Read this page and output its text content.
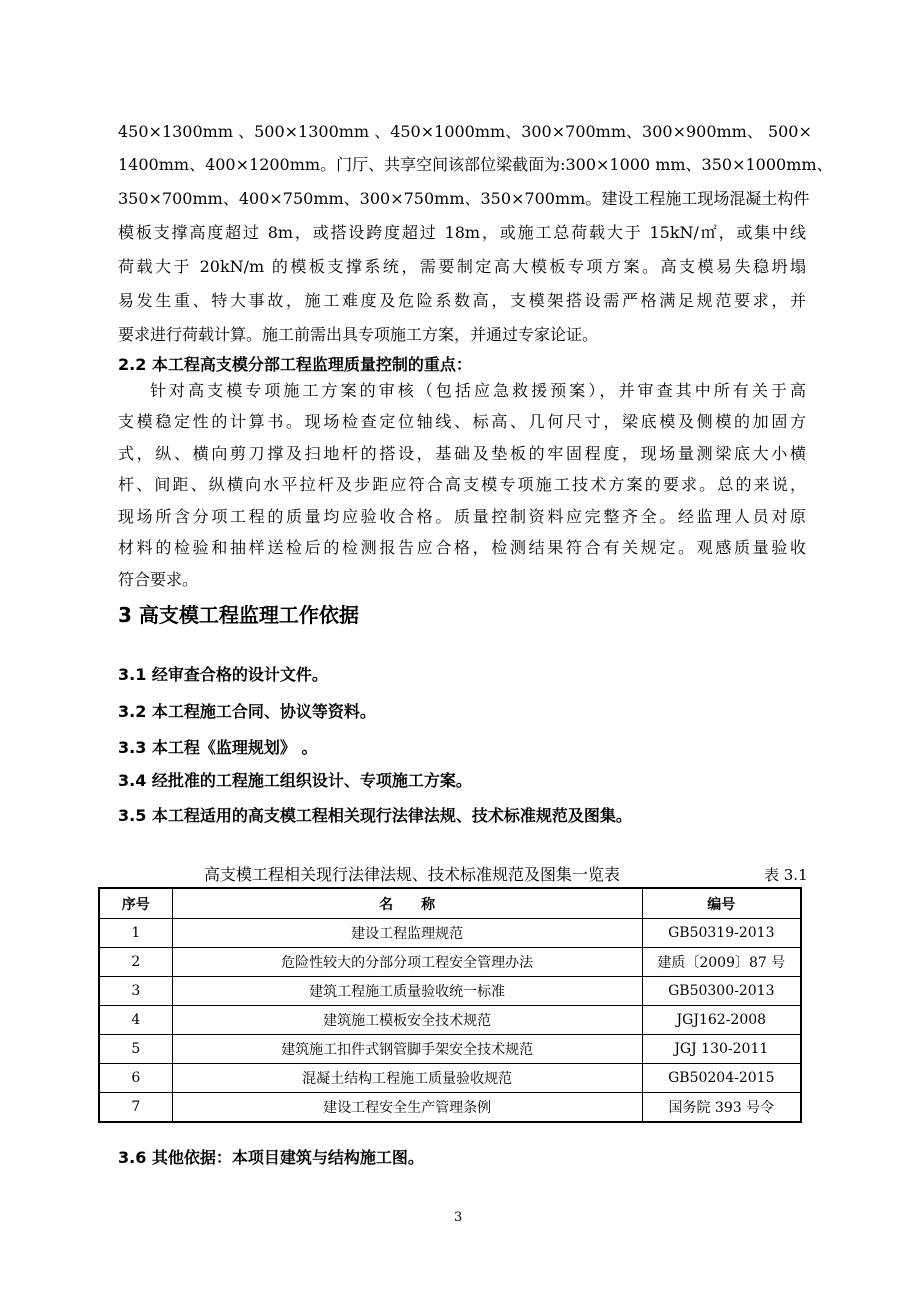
450×1300mm 、500×1300mm 、450×1000mm、300×700mm、300×900mm、 500×
1400mm、400×1200mm。门厅、共享空间该部位梁截面为:300×1000 mm、350×1000mm、
350×700mm、400×750mm、300×750mm、350×700mm。建设工程施工现场混凝土构件
模板支撑高度超过 8m，或搭设跨度超过 18m，或施工总荷载大于 15kN/㎡，或集中线
荷载大于 20kN/m 的模板支撑系统，需要制定高大模板专项方案。高支模易失稳坍塌
易发生重、特大事故，施工难度及危险系数高，支模架搭设需严格满足规范要求，并
要求进行荷载计算。施工前需出具专项施工方案，并通过专家论证。
2.2 本工程高支模分部工程监理质量控制的重点：
针对高支模专项施工方案的审核（包括应急救援预案），并审查其中所有关于高
支模稳定性的计算书。现场检查定位轴线、标高、几何尺寸，梁底模及侧模的加固方
式，纵、横向剪刀撑及扫地杆的搭设，基础及垫板的牢固程度，现场量测梁底大小横
杆、间距、纵横向水平拉杆及步距应符合高支模专项施工技术方案的要求。总的来说，
现场所含分项工程的质量均应验收合格。质量控制资料应完整齐全。经监理人员对原
材料的检验和抽样送检后的检测报告应合格，检测结果符合有关规定。观感质量验收
符合要求。
3 高支模工程监理工作依据
3.1 经审查合格的设计文件。
3.2 本工程施工合同、协议等资料。
3.3 本工程《监理规划》 。
3.4 经批准的工程施工组织设计、专项施工方案。
3.5 本工程适用的高支模工程相关现行法律法规、技术标准规范及图集。
高支模工程相关现行法律法规、技术标准规范及图集一览表	表 3.1
序号	名　　称	编号
1	建设工程监理规范	GB50319-2013
2	危险性较大的分部分项工程安全管理办法	建质〔2009〕87 号
3	建筑工程施工质量验收统一标准	GB50300-2013
4	建筑施工模板安全技术规范	JGJ162-2008
5	建筑施工扣件式钢管脚手架安全技术规范	JGJ 130-2011
6	混凝土结构工程施工质量验收规范	GB50204-2015
7	建设工程安全生产管理条例	国务院 393 号令
3.6 其他依据：本项目建筑与结构施工图。
3
